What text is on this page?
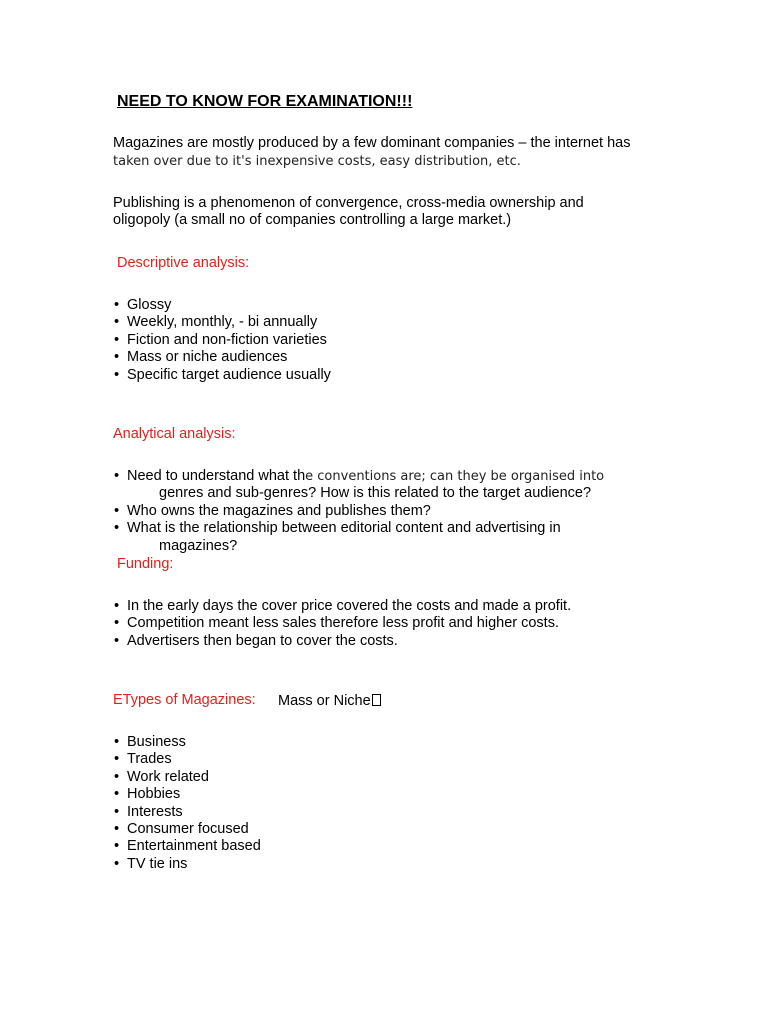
NEED TO KNOW FOR EXAMINATION!!!
Magazines are mostly produced by a few dominant companies – the internet has
taken over due to it's inexpensive costs, easy distribution, etc.
Publishing is a phenomenon of convergence, cross-media ownership and
oligopoly (a small no of companies controlling a large market.)
Descriptive analysis:
• Glossy
• Weekly, monthly, - bi annually
• Fiction and non-fiction varieties
• Mass or niche audiences
• Specific target audience usually
Analytical analysis:
• Need to understand what the conventions are; can they be organised into
genres and sub-genres? How is this related to the target audience?
• Who owns the magazines and publishes them?
• What is the relationship between editorial content and advertising in
magazines?
Funding:
• In the early days the cover price covered the costs and made a profit.
• Competition meant less sales therefore less profit and higher costs.
• Advertisers then began to cover the costs.
ETypes of Magazines: Mass or Niche
• Business
• Trades
• Work related
• Hobbies
• Interests
• Consumer focused
• Entertainment based
• TV tie ins
